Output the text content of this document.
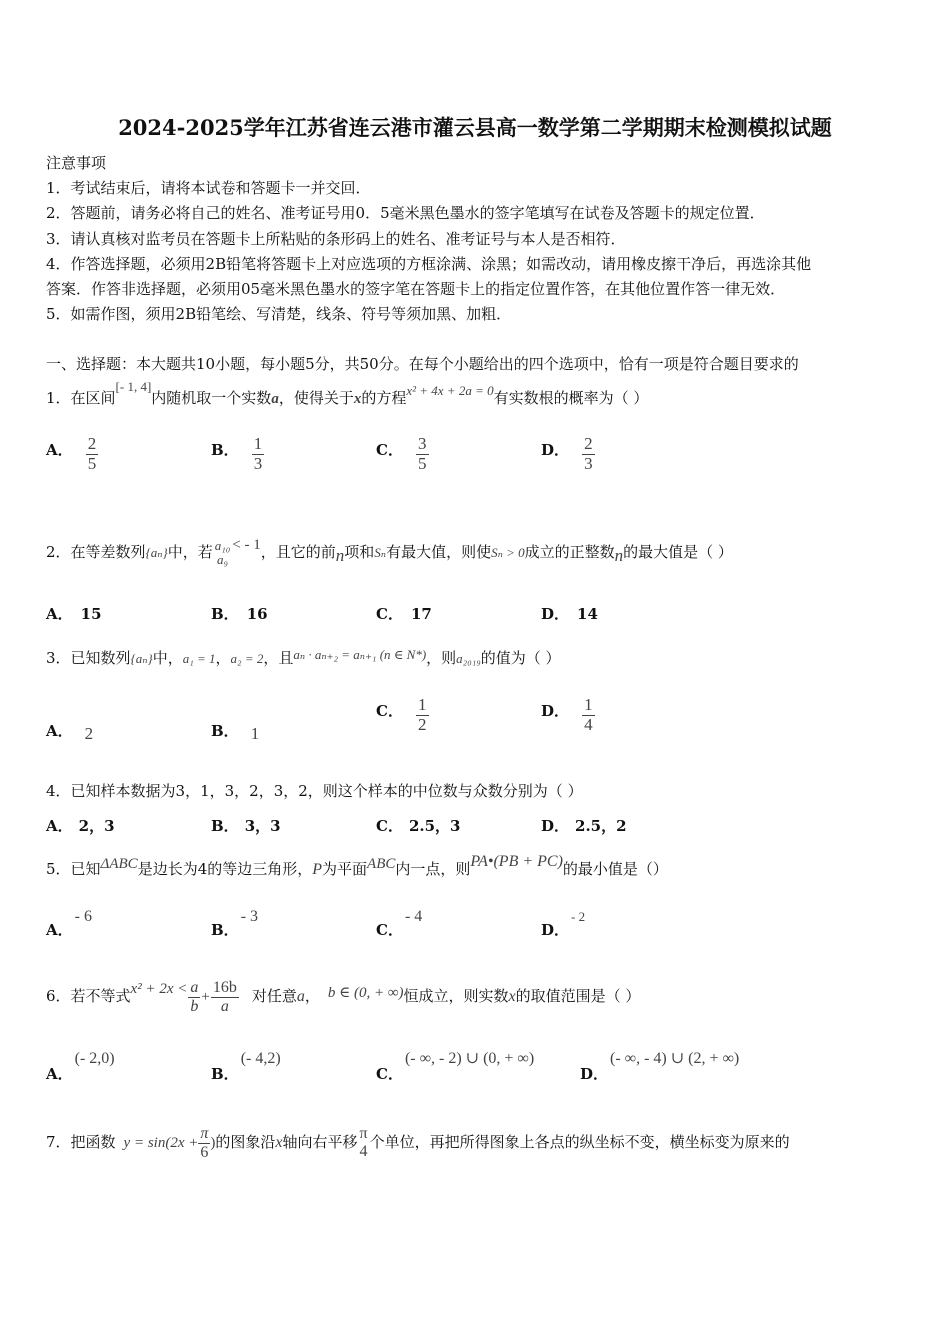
2024-2025学年江苏省连云港市灌云县高一数学第二学期期末检测模拟试题
注意事项
1．考试结束后，请将本试卷和答题卡一并交回．
2．答题前，请务必将自己的姓名、准考证号用0．5毫米黑色墨水的签字笔填写在试卷及答题卡的规定位置．
3．请认真核对监考员在答题卡上所粘贴的条形码上的姓名、准考证号与本人是否相符．
4．作答选择题，必须用2B铅笔将答题卡上对应选项的方框涂满、涂黑；如需改动，请用橡皮擦干净后，再选涂其他
答案．作答非选择题，必须用05毫米黑色墨水的签字笔在答题卡上的指定位置作答，在其他位置作答一律无效．
5．如需作图，须用2B铅笔绘、写清楚，线条、符号等须加黑、加粗．
一、选择题：本大题共10小题，每小题5分，共50分。在每个小题给出的四个选项中，恰有一项是符合题目要求的
1．在区间[- 1, 4]内随机取一个实数a，使得关于x的方程x² + 4x + 2a = 0有实数根的概率为（ ）
A． $\frac{2}{5}$	B． $\frac{1}{3}$	C． $\frac{3}{5}$	D． $\frac{2}{3}$
2．在等差数列{aₙ}中，若 a₁₀
a₉
< - 1，且它的前n项和Sₙ有最大值，则使Sₙ > 0成立的正整数n的最大值是（ ）
A． 15	B． 16	C． 17	D． 14
3．已知数列{aₙ}中，a₁ = 1，a₂ = 2，且aₙ · aₙ₊₂ = aₙ₊₁ (n ∈ N*)，则a₂₀₁₉的值为（ ）
A． 2	B． 1
C． $\frac{1}{2}$	D． $\frac{1}{4}$
4．已知样本数据为3，1，3，2，3，2，则这个样本的中位数与众数分别为（ ）
A． 2，3	B． 3，3	C． 2.5，3	D． 2.5，2
5．已知ΔABC是边长为4的等边三角形，P为平面ABC内一点，则PA•(PB + PC)的最小值是（）
A．- 6
B．- 3
C．- 4
D．- 2
6．若不等式$x^2 + 2x < \frac{a}{b} + \frac{16b}{a}$ 对任意a， b ∈ (0, + ∞)恒成立，则实数x的取值范围是（ ）
A．(- 2,0)
B．(- 4,2)
C．(- ∞, - 2) ∪ (0, + ∞)
D．(- ∞, - 4) ∪ (2, + ∞)
7．把函数 $y = \sin(2x + \frac{\pi}{6}$ )的图象沿x轴向右平移 π
4
个单位，再把所得图象上各点的纵坐标不变，横坐标变为原来的
